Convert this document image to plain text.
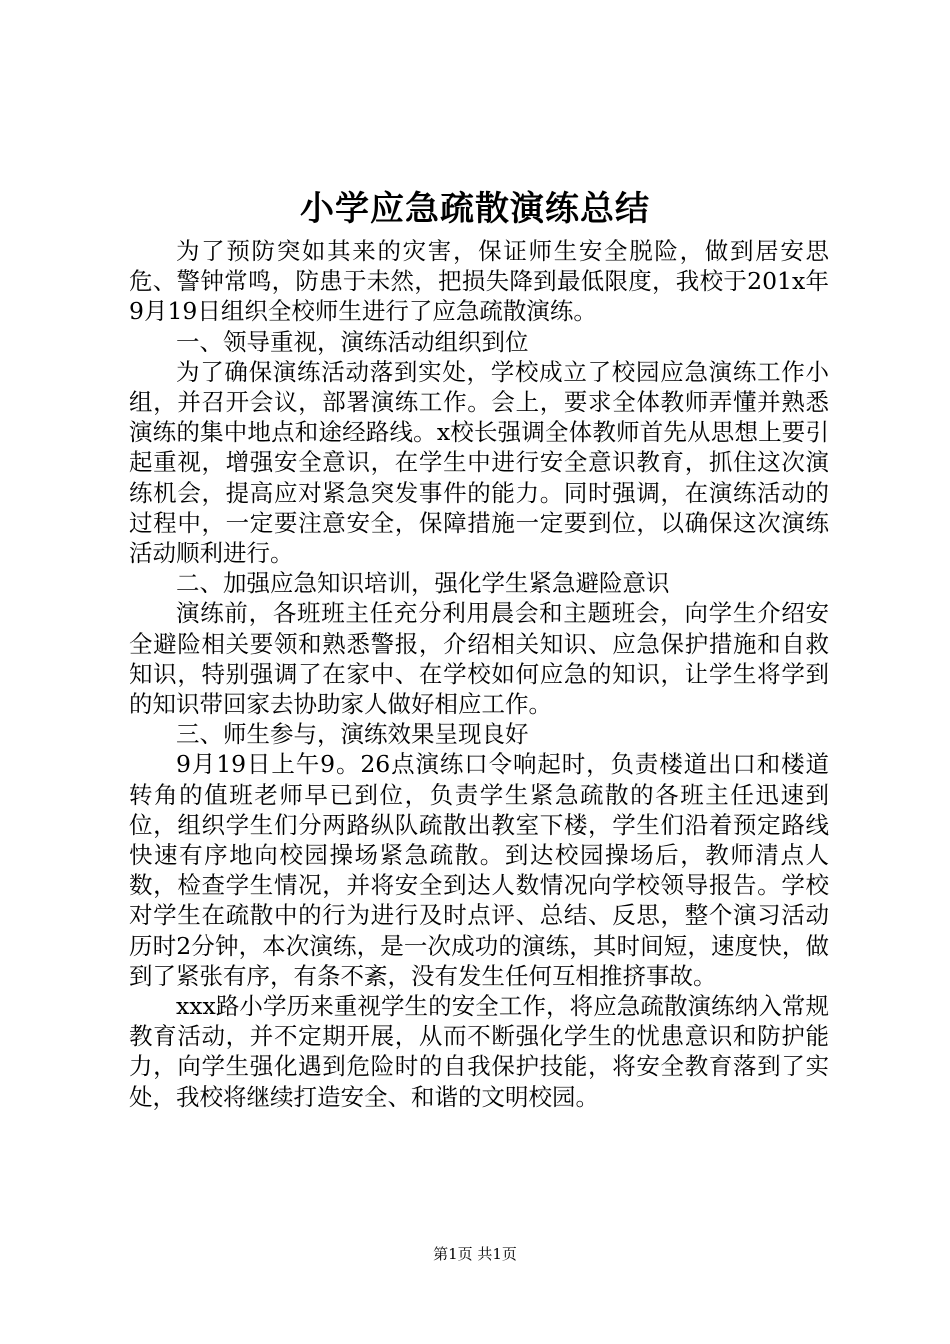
小学应急疏散演练总结

为了预防突如其来的灾害，保证师生安全脱险，做到居安思危、警钟常鸣，防患于未然，把损失降到最低限度，我校于201x年9月19日组织全校师生进行了应急疏散演练。

一、领导重视，演练活动组织到位

为了确保演练活动落到实处，学校成立了校园应急演练工作小组，并召开会议，部署演练工作。会上，要求全体教师弄懂并熟悉演练的集中地点和途经路线。x校长强调全体教师首先从思想上要引起重视，增强安全意识，在学生中进行安全意识教育，抓住这次演练机会，提高应对紧急突发事件的能力。同时强调，在演练活动的过程中，一定要注意安全，保障措施一定要到位，以确保这次演练活动顺利进行。

二、加强应急知识培训，强化学生紧急避险意识

演练前，各班班主任充分利用晨会和主题班会，向学生介绍安全避险相关要领和熟悉警报，介绍相关知识、应急保护措施和自救知识，特别强调了在家中、在学校如何应急的知识，让学生将学到的知识带回家去协助家人做好相应工作。

三、师生参与，演练效果呈现良好

9月19日上午9。26点演练口令响起时，负责楼道出口和楼道转角的值班老师早已到位，负责学生紧急疏散的各班主任迅速到位，组织学生们分两路纵队疏散出教室下楼，学生们沿着预定路线快速有序地向校园操场紧急疏散。到达校园操场后，教师清点人数，检查学生情况，并将安全到达人数情况向学校领导报告。学校对学生在疏散中的行为进行及时点评、总结、反思，整个演习活动历时2分钟，本次演练，是一次成功的演练，其时间短，速度快，做到了紧张有序，有条不紊，没有发生任何互相推挤事故。

xxx路小学历来重视学生的安全工作，将应急疏散演练纳入常规教育活动，并不定期开展，从而不断强化学生的忧患意识和防护能力，向学生强化遇到危险时的自我保护技能，将安全教育落到了实处，我校将继续打造安全、和谐的文明校园。

第1页 共1页
